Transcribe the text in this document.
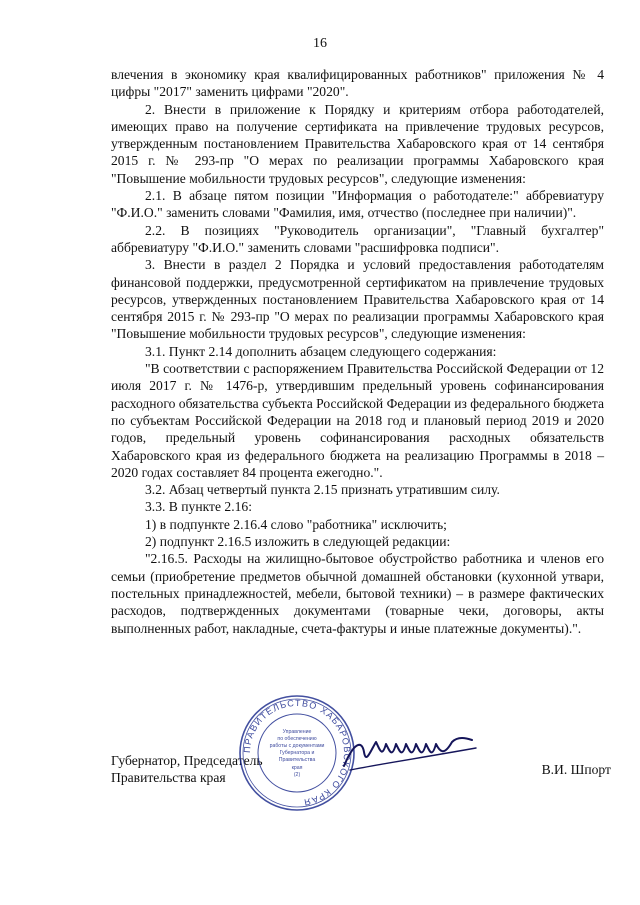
16

влечения в экономику края квалифицированных работников" приложения № 4 цифры "2017" заменить цифрами "2020".

2. Внести в приложение к Порядку и критериям отбора работодателей, имеющих право на получение сертификата на привлечение трудовых ресурсов, утвержденным постановлением Правительства Хабаровского края от 14 сентября 2015 г. № 293-пр "О мерах по реализации программы Хабаровского края "Повышение мобильности трудовых ресурсов", следующие изменения:

2.1. В абзаце пятом позиции "Информация о работодателе:" аббревиатуру "Ф.И.О." заменить словами "Фамилия, имя, отчество (последнее при наличии)".

2.2. В позициях "Руководитель организации", "Главный бухгалтер" аббревиатуру "Ф.И.О." заменить словами "расшифровка подписи".

3. Внести в раздел 2 Порядка и условий предоставления работодателям финансовой поддержки, предусмотренной сертификатом на привлечение трудовых ресурсов, утвержденных постановлением Правительства Хабаровского края от 14 сентября 2015 г. № 293-пр "О мерах по реализации программы Хабаровского края "Повышение мобильности трудовых ресурсов", следующие изменения:

3.1. Пункт 2.14 дополнить абзацем следующего содержания:

"В соответствии с распоряжением Правительства Российской Федерации от 12 июля 2017 г. № 1476-р, утвердившим предельный уровень софинансирования расходного обязательства субъекта Российской Федерации из федерального бюджета по субъектам Российской Федерации на 2018 год и плановый период 2019 и 2020 годов, предельный уровень софинансирования расходных обязательств Хабаровского края из федерального бюджета на реализацию Программы в 2018 – 2020 годах составляет 84 процента ежегодно.".

3.2. Абзац четвертый пункта 2.15 признать утратившим силу.

3.3. В пункте 2.16:

1) в подпункте 2.16.4 слово "работника" исключить;

2) подпункт 2.16.5 изложить в следующей редакции:

"2.16.5. Расходы на жилищно-бытовое обустройство работника и членов его семьи (приобретение предметов обычной домашней обстановки (кухонной утвари, постельных принадлежностей, мебели, бытовой техники) – в размере фактических расходов, подтвержденных документами (товарные чеки, договоры, акты выполненных работ, накладные, счета-фактуры и иные платежные документы).".

Губернатор, Председатель
Правительства края
В.И. Шпорт
ПРАВИТЕЛЬСТВО ХАБАРОВСКОГО КРАЯ
Управление
по обеспечению
работы с документами
Губернатора и
Правительства
края
(2)
